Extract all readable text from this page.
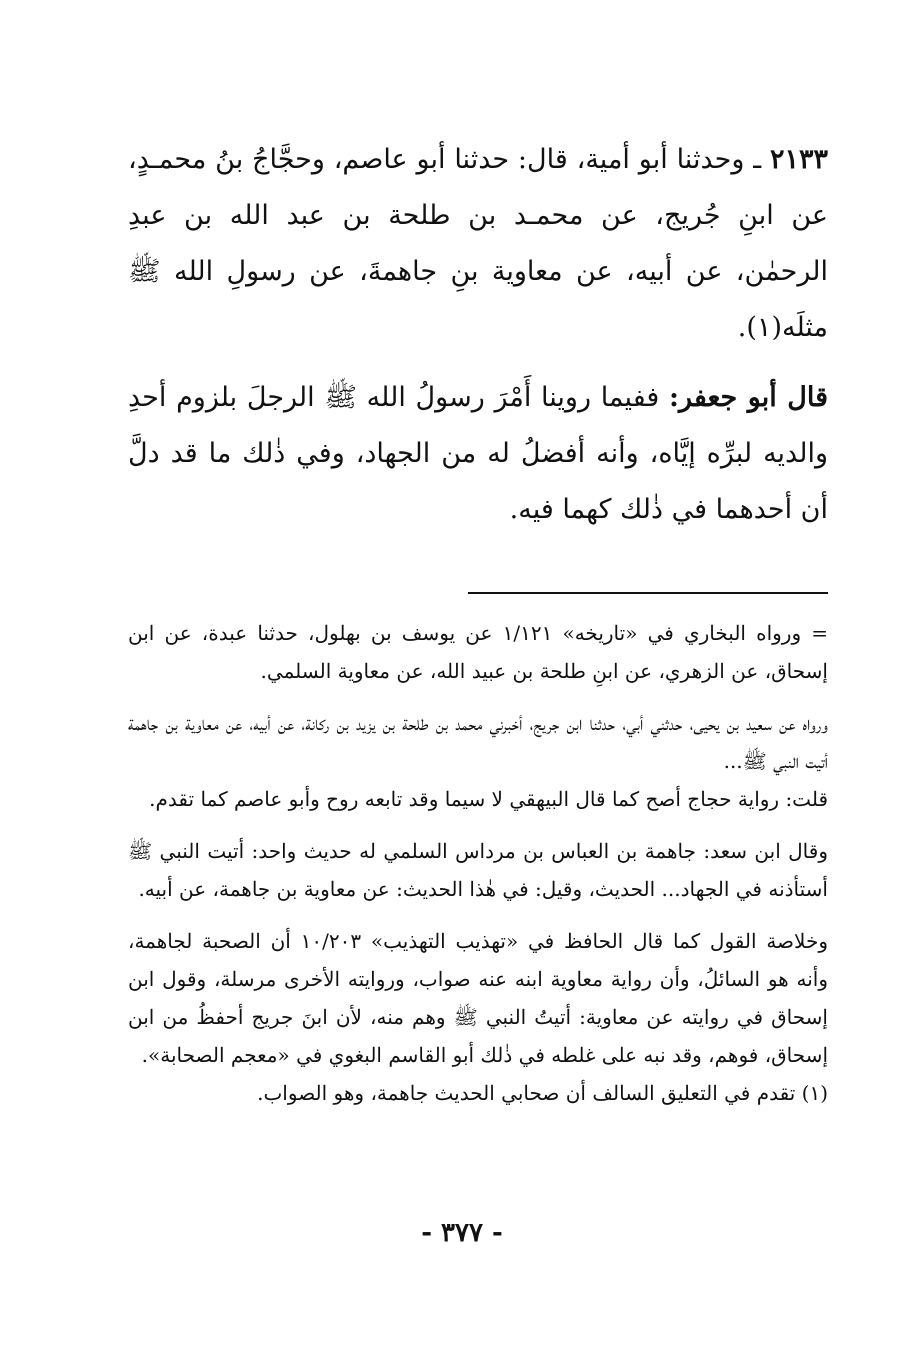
٢١٣٣ ـ وحدثنا أبو أمية، قال: حدثنا أبو عاصم، وحجَّاجُ بنُ محمـدٍ، عن ابنِ جُريج، عن محمـد بن طلحة بن عبد الله بن عبدِ الرحمٰن، عن أبيه، عن معاوية بنِ جاهمةَ، عن رسولِ الله ﷺ مثلَه(١).

قال أبو جعفر: ففيما روينا أَمْرَ رسولُ الله ﷺ الرجلَ بلزوم أحدِ والديه لبرِّه إيَّاه، وأنه أفضلُ له من الجهاد، وفي ذٰلك ما قد دلَّ أن أحدهما في ذٰلك كهما فيه.

= ورواه البخاري في «تاريخه» ١/١٢١ عن يوسف بن بهلول، حدثنا عبدة، عن ابن إسحاق، عن الزهري، عن ابنِ طلحة بن عبيد الله، عن معاوية السلمي.

ورواه عن سعيد بن يحيى، حدثني أبي، حدثنا ابن جريج، أخبرني محمد بن طلحة بن يزيد بن ركانة، عن أبيه، عن معاوية بن جاهمة أتيت النبي ﷺ...

قلت: رواية حجاج أصح كما قال البيهقي لا سيما وقد تابعه روح وأبو عاصم كما تقدم.

وقال ابن سعد: جاهمة بن العباس بن مرداس السلمي له حديث واحد: أتيت النبي ﷺ أستأذنه في الجهاد... الحديث، وقيل: في هٰذا الحديث: عن معاوية بن جاهمة، عن أبيه.

وخلاصة القول كما قال الحافظ في «تهذيب التهذيب» ١٠/٢٠٣ أن الصحبة لجاهمة، وأنه هو السائلُ، وأن رواية معاوية ابنه عنه صواب، وروايته الأخرى مرسلة، وقول ابن إسحاق في روايته عن معاوية: أتيتُ النبي ﷺ وهم منه، لأن ابنَ جريج أحفظُ من ابن إسحاق، فوهم، وقد نبه على غلطه في ذٰلك أبو القاسم البغوي في «معجم الصحابة».

(١) تقدم في التعليق السالف أن صحابي الحديث جاهمة، وهو الصواب.

- ٣٧٧ -
